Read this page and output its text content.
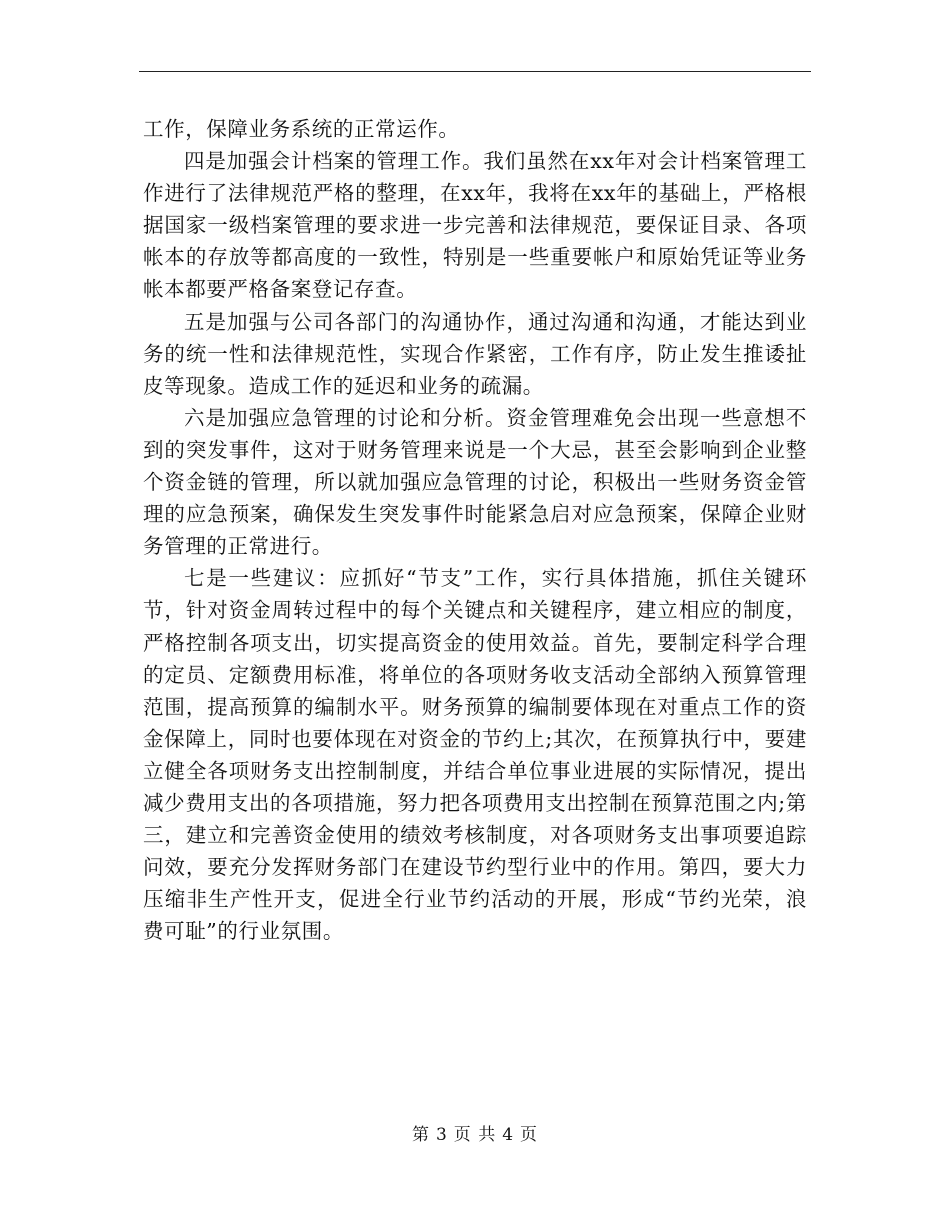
工作，保障业务系统的正常运作。

四是加强会计档案的管理工作。我们虽然在xx年对会计档案管理工作进行了法律规范严格的整理，在xx年，我将在xx年的基础上，严格根据国家一级档案管理的要求进一步完善和法律规范，要保证目录、各项帐本的存放等都高度的一致性，特别是一些重要帐户和原始凭证等业务帐本都要严格备案登记存查。

五是加强与公司各部门的沟通协作，通过沟通和沟通，才能达到业务的统一性和法律规范性，实现合作紧密，工作有序，防止发生推诿扯皮等现象。造成工作的延迟和业务的疏漏。

六是加强应急管理的讨论和分析。资金管理难免会出现一些意想不到的突发事件，这对于财务管理来说是一个大忌，甚至会影响到企业整个资金链的管理，所以就加强应急管理的讨论，积极出一些财务资金管理的应急预案，确保发生突发事件时能紧急启对应急预案，保障企业财务管理的正常进行。

七是一些建议：应抓好“节支”工作，实行具体措施，抓住关键环节，针对资金周转过程中的每个关键点和关键程序，建立相应的制度，严格控制各项支出，切实提高资金的使用效益。首先，要制定科学合理的定员、定额费用标准，将单位的各项财务收支活动全部纳入预算管理范围，提高预算的编制水平。财务预算的编制要体现在对重点工作的资金保障上，同时也要体现在对资金的节约上;其次，在预算执行中，要建立健全各项财务支出控制制度，并结合单位事业进展的实际情况，提出减少费用支出的各项措施，努力把各项费用支出控制在预算范围之内;第三，建立和完善资金使用的绩效考核制度，对各项财务支出事项要追踪问效，要充分发挥财务部门在建设节约型行业中的作用。第四，要大力压缩非生产性开支，促进全行业节约活动的开展，形成“节约光荣，浪费可耻”的行业氛围。

第 3 页 共 4 页
